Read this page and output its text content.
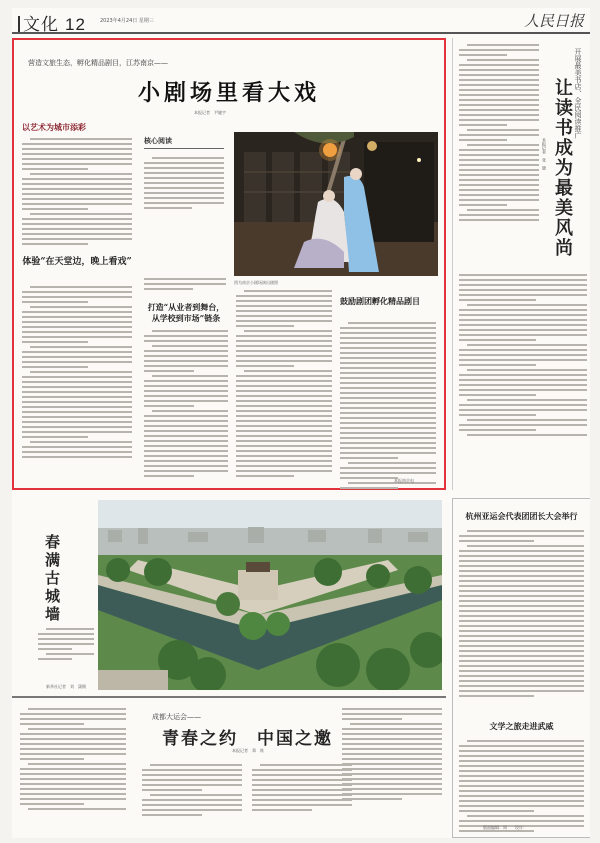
文化 12	2023年4月24日 星期三	人民日报
营造文旅生态，孵化精品剧目，江苏南京——
小剧场里看大戏
本报记者　尹婕宇
以艺术为城市添彩
体验“在天堂边，晚上看戏”
核心阅读
图为南京小剧场演出剧照
打造“从业者到舞台，从学校到市场”链条
鼓励剧团孵化精品剧目
本报南京电
开展最美书店、全民阅读推广
让读书成为最美风尚
本报记者　张　晓
春满古城墙
新华社记者　刘　潇摄
杭州亚运会代表团团长大会举行
文学之旅走进武威
版面编辑：周　　设计：　　
成都大运会——
青春之约　中国之邀
本报记者　郑　轶
